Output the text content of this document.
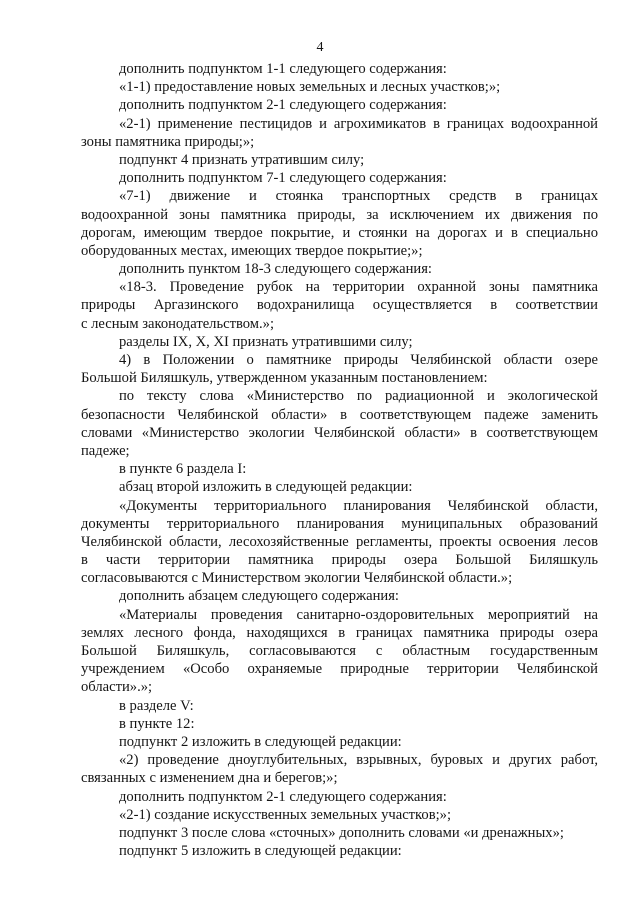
4
дополнить подпунктом 1-1 следующего содержания:
«1-1) предоставление новых земельных и лесных участков;»;
дополнить подпунктом 2-1 следующего содержания:
«2-1) применение пестицидов и агрохимикатов в границах водоохранной
зоны памятника природы;»;
подпункт 4 признать утратившим силу;
дополнить подпунктом 7-1 следующего содержания:
«7-1) движение и стоянка транспортных средств в границах
водоохранной зоны памятника природы, за исключением их движения по
дорогам, имеющим твердое покрытие, и стоянки на дорогах и в специально
оборудованных местах, имеющих твердое покрытие;»;
дополнить пунктом 18-3 следующего содержания:
«18-3. Проведение рубок на территории охранной зоны памятника
природы Аргазинского водохранилища осуществляется в соответствии
с лесным законодательством.»;
разделы IX, X, XI признать утратившими силу;
4) в Положении о памятнике природы Челябинской области озере
Большой Биляшкуль, утвержденном указанным постановлением:
по тексту слова «Министерство по радиационной и экологической
безопасности Челябинской области» в соответствующем падеже заменить
словами «Министерство экологии Челябинской области» в соответствующем
падеже;
в пункте 6 раздела I:
абзац второй изложить в следующей редакции:
«Документы территориального планирования Челябинской области,
документы территориального планирования муниципальных образований
Челябинской области, лесохозяйственные регламенты, проекты освоения лесов
в части территории памятника природы озера Большой Биляшкуль
согласовываются с Министерством экологии Челябинской области.»;
дополнить абзацем следующего содержания:
«Материалы проведения санитарно-оздоровительных мероприятий на
землях лесного фонда, находящихся в границах памятника природы озера
Большой Биляшкуль, согласовываются с областным государственным
учреждением «Особо охраняемые природные территории Челябинской
области».»;
в разделе V:
в пункте 12:
подпункт 2 изложить в следующей редакции:
«2) проведение дноуглубительных, взрывных, буровых и других работ,
связанных с изменением дна и берегов;»;
дополнить подпунктом 2-1 следующего содержания:
«2-1) создание искусственных земельных участков;»;
подпункт 3 после слова «сточных» дополнить словами «и дренажных»;
подпункт 5 изложить в следующей редакции:
